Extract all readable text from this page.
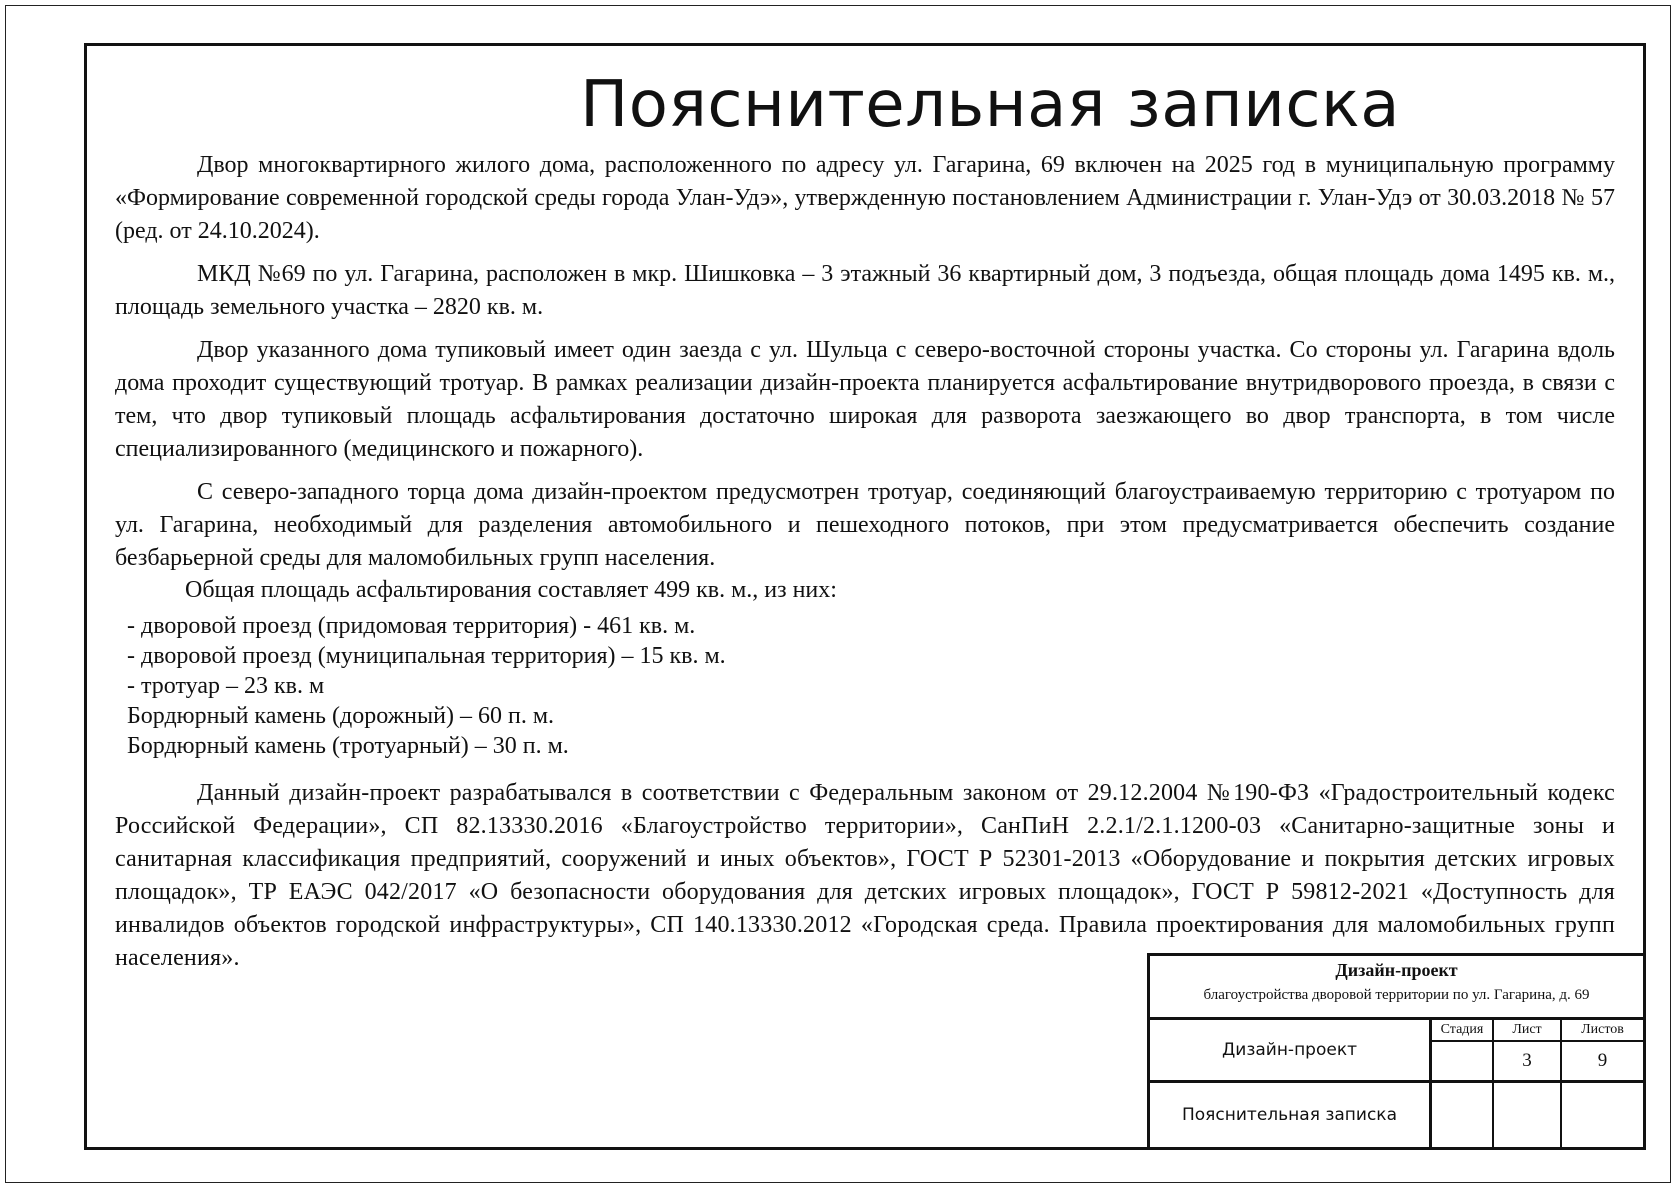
Пояснительная записка

Двор многоквартирного жилого дома, расположенного по адресу ул. Гагарина, 69 включен на 2025 год в муниципальную программу «Формирование современной городской среды города Улан-Удэ», утвержденную постановлением Администрации г. Улан-Удэ от 30.03.2018 № 57 (ред. от 24.10.2024).

МКД №69 по ул. Гагарина, расположен в мкр. Шишковка – 3 этажный 36 квартирный дом, 3 подъезда, общая площадь дома 1495 кв. м., площадь земельного участка – 2820 кв. м.

Двор указанного дома тупиковый имеет один заезда с ул. Шульца с северо-восточной стороны участка. Со стороны ул. Гагарина вдоль дома проходит существующий тротуар. В рамках реализации дизайн-проекта планируется асфальтирование внутридворового проезда, в связи с тем, что двор тупиковый площадь асфальтирования достаточно широкая для разворота заезжающего во двор транспорта, в том числе специализированного (медицинского и пожарного).

С северо-западного торца дома дизайн-проектом предусмотрен тротуар, соединяющий благоустраиваемую территорию с тротуаром по ул. Гагарина, необходимый для разделения автомобильного и пешеходного потоков, при этом предусматривается обеспечить создание безбарьерной среды для маломобильных групп населения.

Общая площадь асфальтирования составляет 499 кв. м., из них:
- дворовой проезд (придомовая территория) - 461 кв. м.
- дворовой проезд (муниципальная территория) – 15 кв. м.
- тротуар – 23 кв. м
Бордюрный камень (дорожный) – 60 п. м.
Бордюрный камень (тротуарный) – 30 п. м.

Данный дизайн-проект разрабатывался в соответствии с Федеральным законом от 29.12.2004 №190-ФЗ «Градостроительный кодекс Российской Федерации», СП 82.13330.2016 «Благоустройство территории», СанПиН 2.2.1/2.1.1200-03 «Санитарно-защитные зоны и санитарная классификация предприятий, сооружений и иных объектов», ГОСТ Р 52301-2013 «Оборудование и покрытия детских игровых площадок», ТР ЕАЭС 042/2017 «О безопасности оборудования для детских игровых площадок», ГОСТ Р 59812-2021 «Доступность для инвалидов объектов городской инфраструктуры», СП 140.13330.2012 «Городская среда. Правила проектирования для маломобильных групп населения».	Дизайн-проект
благоустройства дворовой территории по ул. Гагарина, д. 69
Дизайн-проект
Стадия	Лист
3
Листов
9
Пояснительная записка
